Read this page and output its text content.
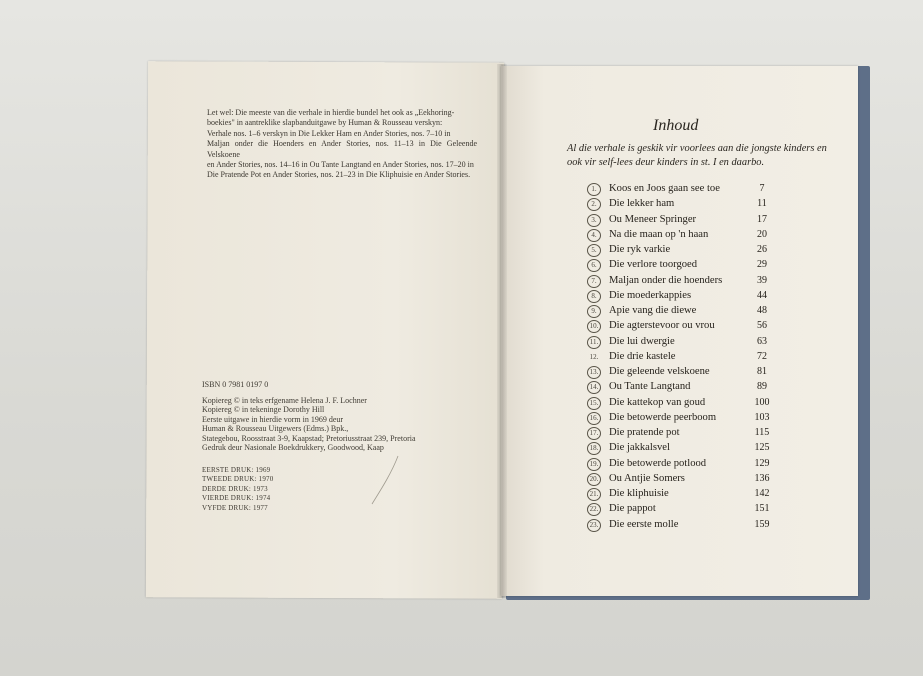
Let wel: Die meeste van die verhale in hierdie bundel het ook as „Eekhoring-
boekies" in aantreklike slapbanduitgawe by Human & Rousseau verskyn:
Verhale nos. 1–6 verskyn in Die Lekker Ham en Ander Stories, nos. 7–10 in
Maljan onder die Hoenders en Ander Stories, nos. 11–13 in Die Geleende Velskoene
en Ander Stories, nos. 14–16 in Ou Tante Langtand en Ander Stories, nos. 17–20 in
Die Pratende Pot en Ander Stories, nos. 21–23 in Die Kliphuisie en Ander Stories.
ISBN 0 7981 0197 0
Kopiereg © in teks erfgename Helena J. F. Lochner
Kopiereg © in tekeninge Dorothy Hill
Eerste uitgawe in hierdie vorm in 1969 deur
Human & Rousseau Uitgewers (Edms.) Bpk.,
Stategebou, Roosstraat 3-9, Kaapstad; Pretoriusstraat 239, Pretoria
Gedruk deur Nasionale Boekdrukkery, Goodwood, Kaap
EERSTE DRUK: 1969
TWEEDE DRUK: 1970
DERDE DRUK: 1973
VIERDE DRUK: 1974
VYFDE DRUK: 1977
Inhoud
Al die verhale is geskik vir voorlees aan die jongste kinders en ook vir self-lees deur kinders in st. I en daarbo.
1.	Koos en Joos gaan see toe	7
2.	Die lekker ham	11
3.	Ou Meneer Springer	17
4.	Na die maan op 'n haan	20
5.	Die ryk varkie	26
6.	Die verlore toorgoed	29
7.	Maljan onder die hoenders	39
8.	Die moederkappies	44
9.	Apie vang die diewe	48
10. Die agterstevoor ou vrou	56
11. Die lui dwergie	63
12. Die drie kastele	72
13. Die geleende velskoene	81
14. Ou Tante Langtand	89
15. Die kattekop van goud	100
16. Die betowerde peerboom	103
17. Die pratende pot	115
18. Die jakkalsvel	125
19. Die betowerde potlood	129
20. Ou Antjie Somers	136
21. Die kliphuisie	142
22. Die pappot	151
23. Die eerste molle	159
